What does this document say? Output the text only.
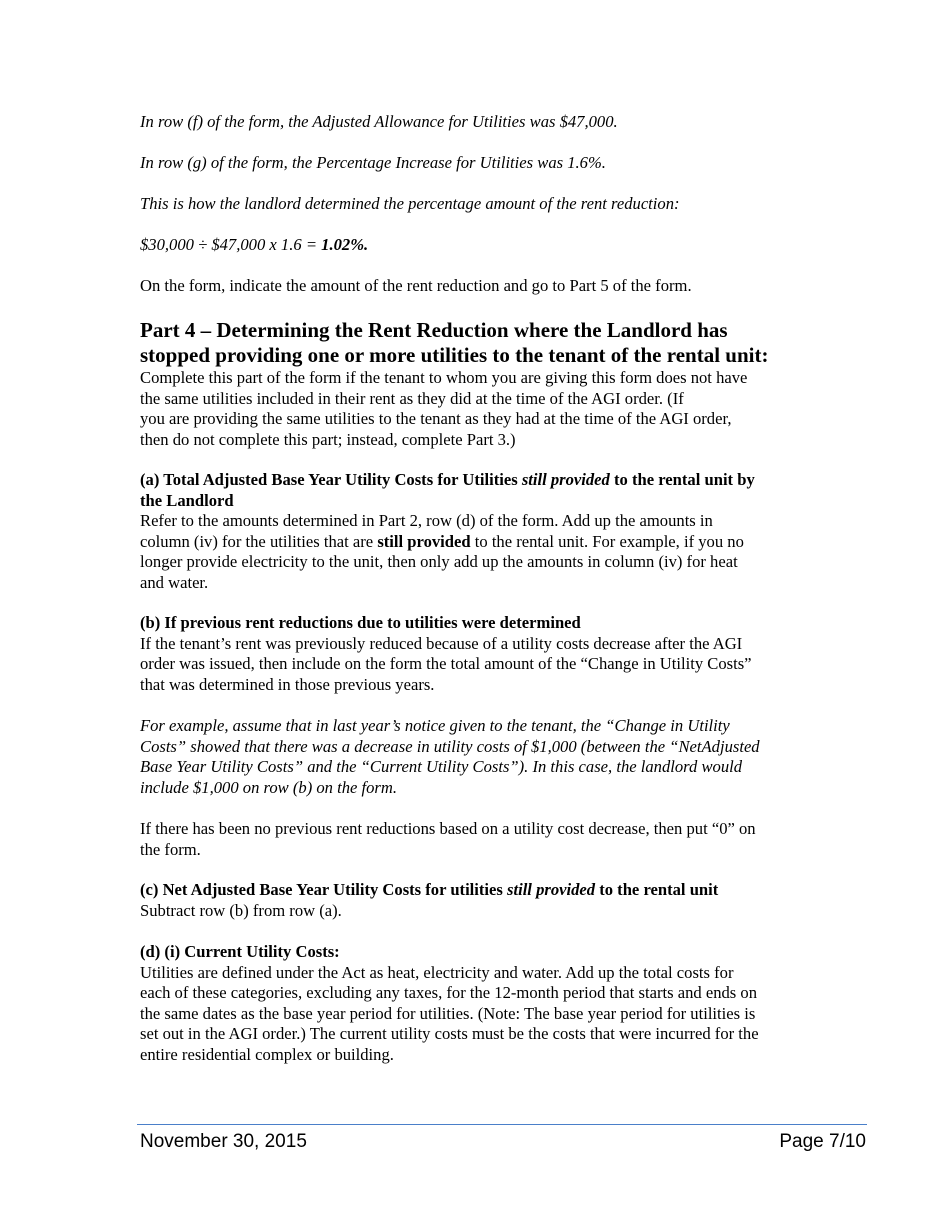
In row (f) of the form, the Adjusted Allowance for Utilities was $47,000.
In row (g) of the form, the Percentage Increase for Utilities was 1.6%.
This is how the landlord determined the percentage amount of the rent reduction:
$30,000 ÷ $47,000 x 1.6 = 1.02%.
On the form, indicate the amount of the rent reduction and go to Part 5 of the form.
Part 4 – Determining the Rent Reduction where the Landlord has
stopped providing one or more utilities to the tenant of the rental unit:
Complete this part of the form if the tenant to whom you are giving this form does not have
the same utilities included in their rent as they did at the time of the AGI order. (If
you are providing the same utilities to the tenant as they had at the time of the AGI order,
then do not complete this part; instead, complete Part 3.)
(a) Total Adjusted Base Year Utility Costs for Utilities still provided to the rental unit by
the Landlord
Refer to the amounts determined in Part 2, row (d) of the form. Add up the amounts in
column (iv) for the utilities that are still provided to the rental unit. For example, if you no
longer provide electricity to the unit, then only add up the amounts in column (iv) for heat
and water.
(b) If previous rent reductions due to utilities were determined
If the tenant’s rent was previously reduced because of a utility costs decrease after the AGI
order was issued, then include on the form the total amount of the “Change in Utility Costs”
that was determined in those previous years.
For example, assume that in last year’s notice given to the tenant, the “Change in Utility
Costs” showed that there was a decrease in utility costs of $1,000 (between the “NetAdjusted
Base Year Utility Costs” and the “Current Utility Costs”). In this case, the landlord would
include $1,000 on row (b) on the form.
If there has been no previous rent reductions based on a utility cost decrease, then put “0” on
the form.
(c) Net Adjusted Base Year Utility Costs for utilities still provided to the rental unit
Subtract row (b) from row (a).
(d) (i) Current Utility Costs:
Utilities are defined under the Act as heat, electricity and water. Add up the total costs for
each of these categories, excluding any taxes, for the 12-month period that starts and ends on
the same dates as the base year period for utilities. (Note: The base year period for utilities is
set out in the AGI order.) The current utility costs must be the costs that were incurred for the
entire residential complex or building.
November 30, 2015	Page 7/10
